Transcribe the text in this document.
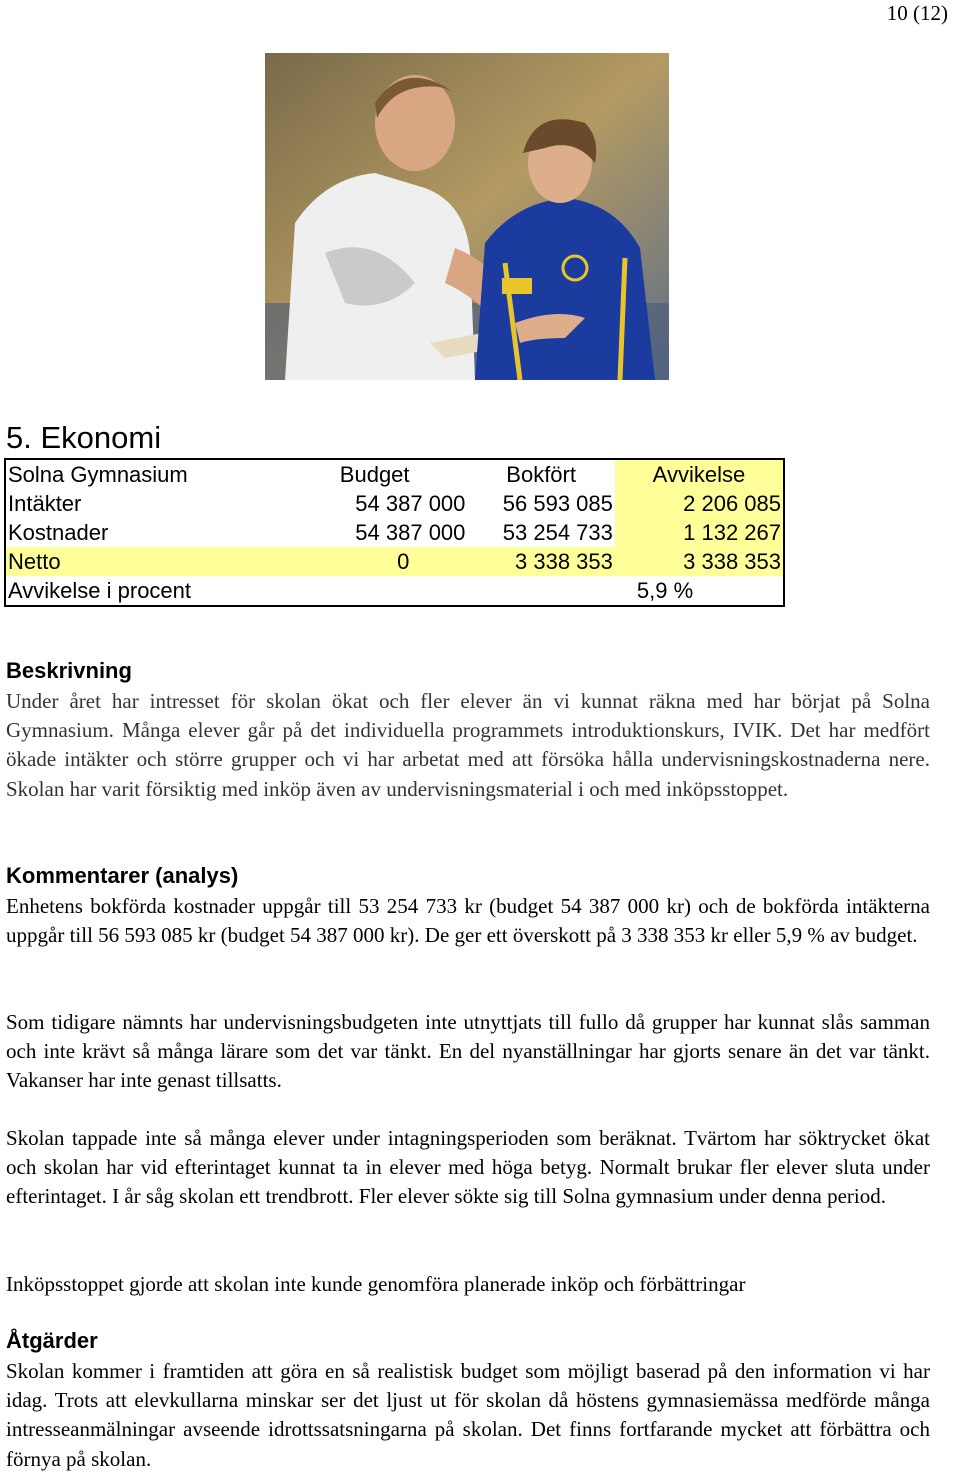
10 (12)
5. Ekonomi
Solna Gymnasium	Budget	Bokfört	Avvikelse
Intäkter	54 387 000	56 593 085	2 206 085
Kostnader	54 387 000	53 254 733	1 132 267
Netto	0	3 338 353	3 338 353
Avvikelse i procent			5,9 %
Beskrivning

Under året har intresset för skolan ökat och fler elever än vi kunnat räkna med har börjat på Solna Gymnasium. Många elever går på det individuella programmets introduktionskurs, IVIK. Det har medfört ökade intäkter och större grupper och vi har arbetat med att försöka hålla undervisningskostnaderna nere. Skolan har varit försiktig med inköp även av undervisningsmaterial i och med inköpsstoppet.

Kommentarer (analys)

Enhetens bokförda kostnader uppgår till 53 254 733 kr (budget 54 387 000 kr) och de bokförda intäkterna uppgår till 56 593 085 kr (budget 54 387 000 kr). De ger ett överskott på 3 338 353 kr eller 5,9 % av budget.

Som tidigare nämnts har undervisningsbudgeten inte utnyttjats till fullo då grupper har kunnat slås samman och inte krävt så många lärare som det var tänkt. En del nyanställningar har gjorts senare än det var tänkt. Vakanser har inte genast tillsatts.

Skolan tappade inte så många elever under intagningsperioden som beräknat. Tvärtom har söktrycket ökat och skolan har vid efterintaget kunnat ta in elever med höga betyg. Normalt brukar fler elever sluta under efterintaget. I år såg skolan ett trendbrott. Fler elever sökte sig till Solna gymnasium under denna period.

Inköpsstoppet gjorde att skolan inte kunde genomföra planerade inköp och förbättringar

Åtgärder

Skolan kommer i framtiden att göra en så realistisk budget som möjligt baserad på den information vi har idag. Trots att elevkullarna minskar ser det ljust ut för skolan då höstens gymnasiemässa medförde många intresseanmälningar avseende idrottssatsningarna på skolan. Det finns fortfarande mycket att förbättra och förnya på skolan.
